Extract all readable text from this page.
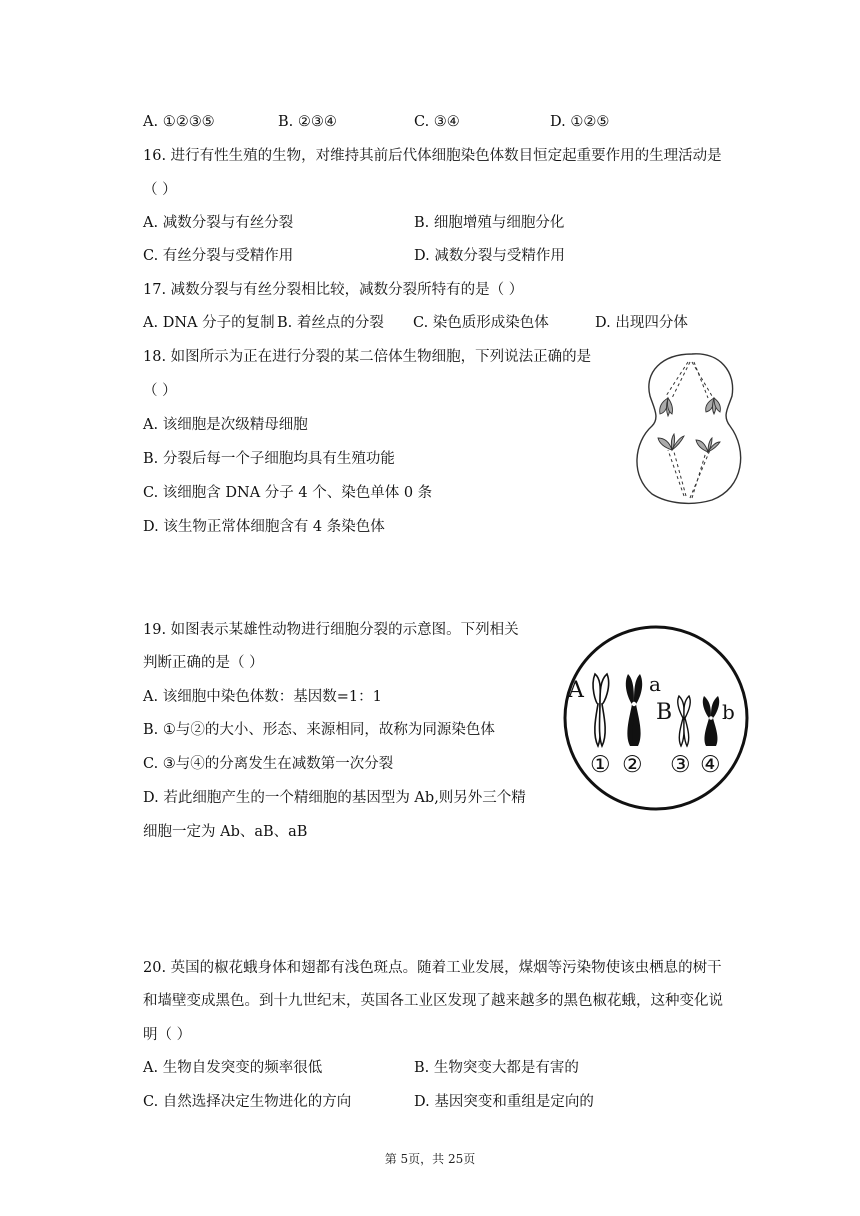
A. ①②③⑤	B. ②③④	C. ③④	D. ①②⑤
16. 进行有性生殖的生物，对维持其前后代体细胞染色体数目恒定起重要作用的生理活动是
（ ）
A. 减数分裂与有丝分裂	B. 细胞增殖与细胞分化
C. 有丝分裂与受精作用	D. 减数分裂与受精作用
17. 减数分裂与有丝分裂相比较，减数分裂所特有的是（ ）
A. DNA 分子的复制 B. 着丝点的分裂 C. 染色质形成染色体	D. 出现四分体
18. 如图所示为正在进行分裂的某二倍体生物细胞，下列说法正确的是
（ ）
A. 该细胞是次级精母细胞
B. 分裂后每一个子细胞均具有生殖功能
C. 该细胞含 DNA 分子 4 个、染色单体 0 条
D. 该生物正常体细胞含有 4 条染色体
19. 如图表示某雄性动物进行细胞分裂的示意图。下列相关
判断正确的是（ ）
A. 该细胞中染色体数：基因数=1：1
B. ①与②的大小、形态、来源相同，故称为同源染色体
C. ③与④的分离发生在减数第一次分裂
D. 若此细胞产生的一个精细胞的基因型为 Ab,则另外三个精
细胞一定为 Ab、aB、aB
A	a
B b
① ② ③ ④
20. 英国的椒花蛾身体和翅都有浅色斑点。随着工业发展，煤烟等污染物使该虫栖息的树干
和墙壁变成黑色。到十九世纪末，英国各工业区发现了越来越多的黑色椒花蛾，这种变化说
明（ ）
A. 生物自发突变的频率很低	B. 生物突变大都是有害的
C. 自然选择决定生物进化的方向	D. 基因突变和重组是定向的
第 5页，共 25页
